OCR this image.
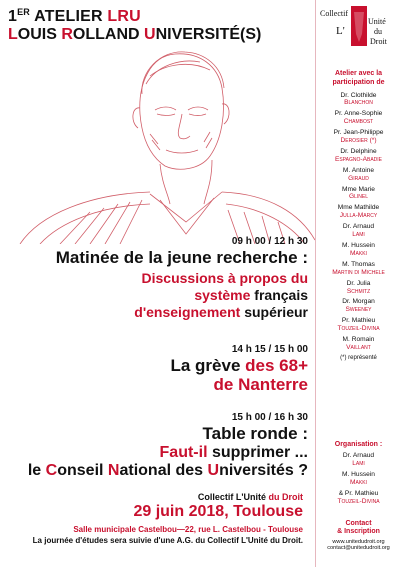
1ER ATELIER LRU
LOUIS ROLLAND UNIVERSITÉ(S)
09 h 00 / 12 h 30
Matinée de la jeune recherche :
Discussions à propos du
système français
d'enseignement supérieur
14 h 15 / 15 h 00
La grève des 68+
de Nanterre
15 h 00 / 16 h 30
Table ronde :
Faut-il supprimer ...
le Conseil National des Universités ?
Collectif L'Unité du Droit
29 juin 2018, Toulouse
Salle municipale Castelbou—22, rue L. Castelbou - Toulouse
La journée d'études sera suivie d'une A.G. du Collectif L'Unité du Droit.
Collectif
L'
Unité
du
Droit
Atelier avec la participation de
Dr. Clothilde
Blanchon
Pr. Anne-Sophie
Chambost
Pr. Jean-Philippe
Derosier (*)
Dr. Delphine
Espagno-Abadie
M. Antoine
Giraud
Mme Marie
Glinel
Mme Mathilde
Julla-Marcy
Dr. Arnaud
Lami
M. Hussein
Makki
M. Thomas
Martin di Michele
Dr. Julia
Schmitz
Dr. Morgan
Sweeney
Pr. Mathieu
Touzeil-Divina
M. Romain
Vaillant
(*) représenté
Organisation :
Dr. Arnaud
Lami
M. Hussein
Makki
& Pr. Mathieu
Touzeil-Divina
Contact
& Inscription
www.unitedudroit.org
contact@unitedudroit.org
